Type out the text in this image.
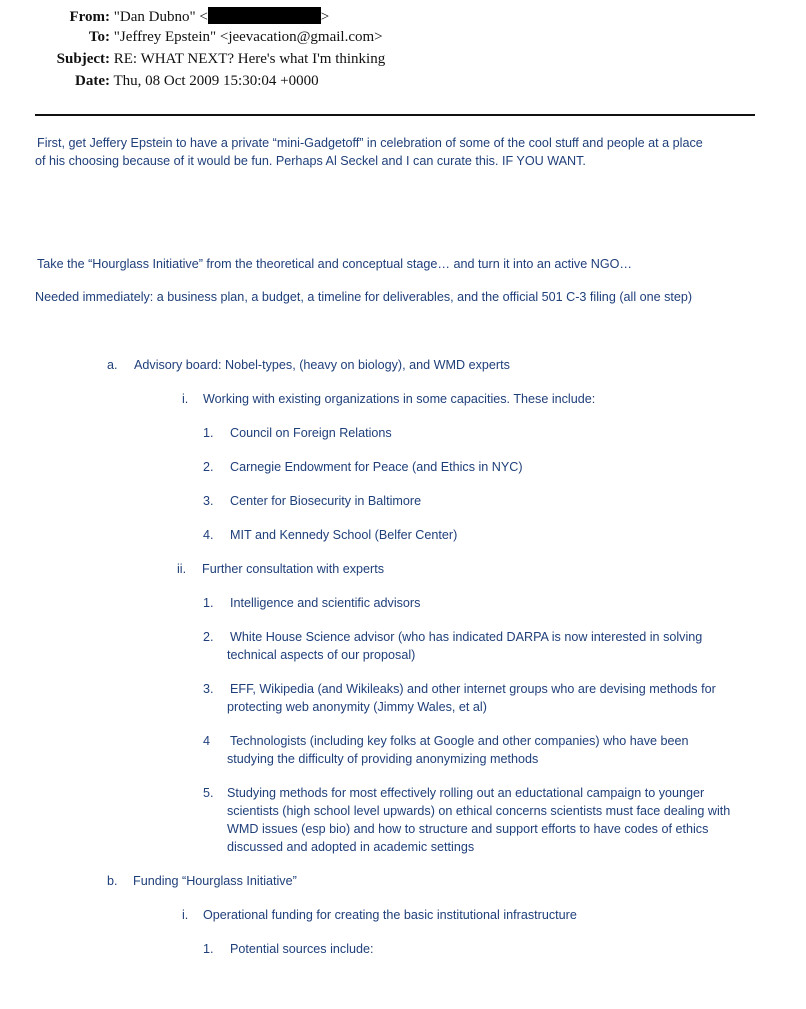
From: "Dan Dubno" <	>
To: "Jeffrey Epstein" <jeevacation@gmail.com>
Subject: RE: WHAT NEXT? Here's what I'm thinking
Date: Thu, 08 Oct 2009 15:30:04 +0000
First, get Jeffery Epstein to have a private “mini-Gadgetoff” in celebration of some of the cool stuff and people at a place
of his choosing because of it would be fun. Perhaps Al Seckel and I can curate this. IF YOU WANT.
Take the “Hourglass Initiative” from the theoretical and conceptual stage… and turn it into an active NGO…
Needed immediately: a business plan, a budget, a timeline for deliverables, and the official 501 C-3 filing (all one step)
a. Advisory board: Nobel-types, (heavy on biology), and WMD experts
i. Working with existing organizations in some capacities. These include:
1. Council on Foreign Relations
2. Carnegie Endowment for Peace (and Ethics in NYC)
3. Center for Biosecurity in Baltimore
4. MIT and Kennedy School (Belfer Center)
ii. Further consultation with experts
1. Intelligence and scientific advisors
2. White House Science advisor (who has indicated DARPA is now interested in solving
technical aspects of our proposal)
3. EFF, Wikipedia (and Wikileaks) and other internet groups who are devising methods for
protecting web anonymity (Jimmy Wales, et al)
4 Technologists (including key folks at Google and other companies) who have been
studying the difficulty of providing anonymizing methods
5. Studying methods for most effectively rolling out an eductational campaign to younger
scientists (high school level upwards) on ethical concerns scientists must face dealing with
WMD issues (esp bio) and how to structure and support efforts to have codes of ethics
discussed and adopted in academic settings
b. Funding “Hourglass Initiative”
i. Operational funding for creating the basic institutional infrastructure
1. Potential sources include:
